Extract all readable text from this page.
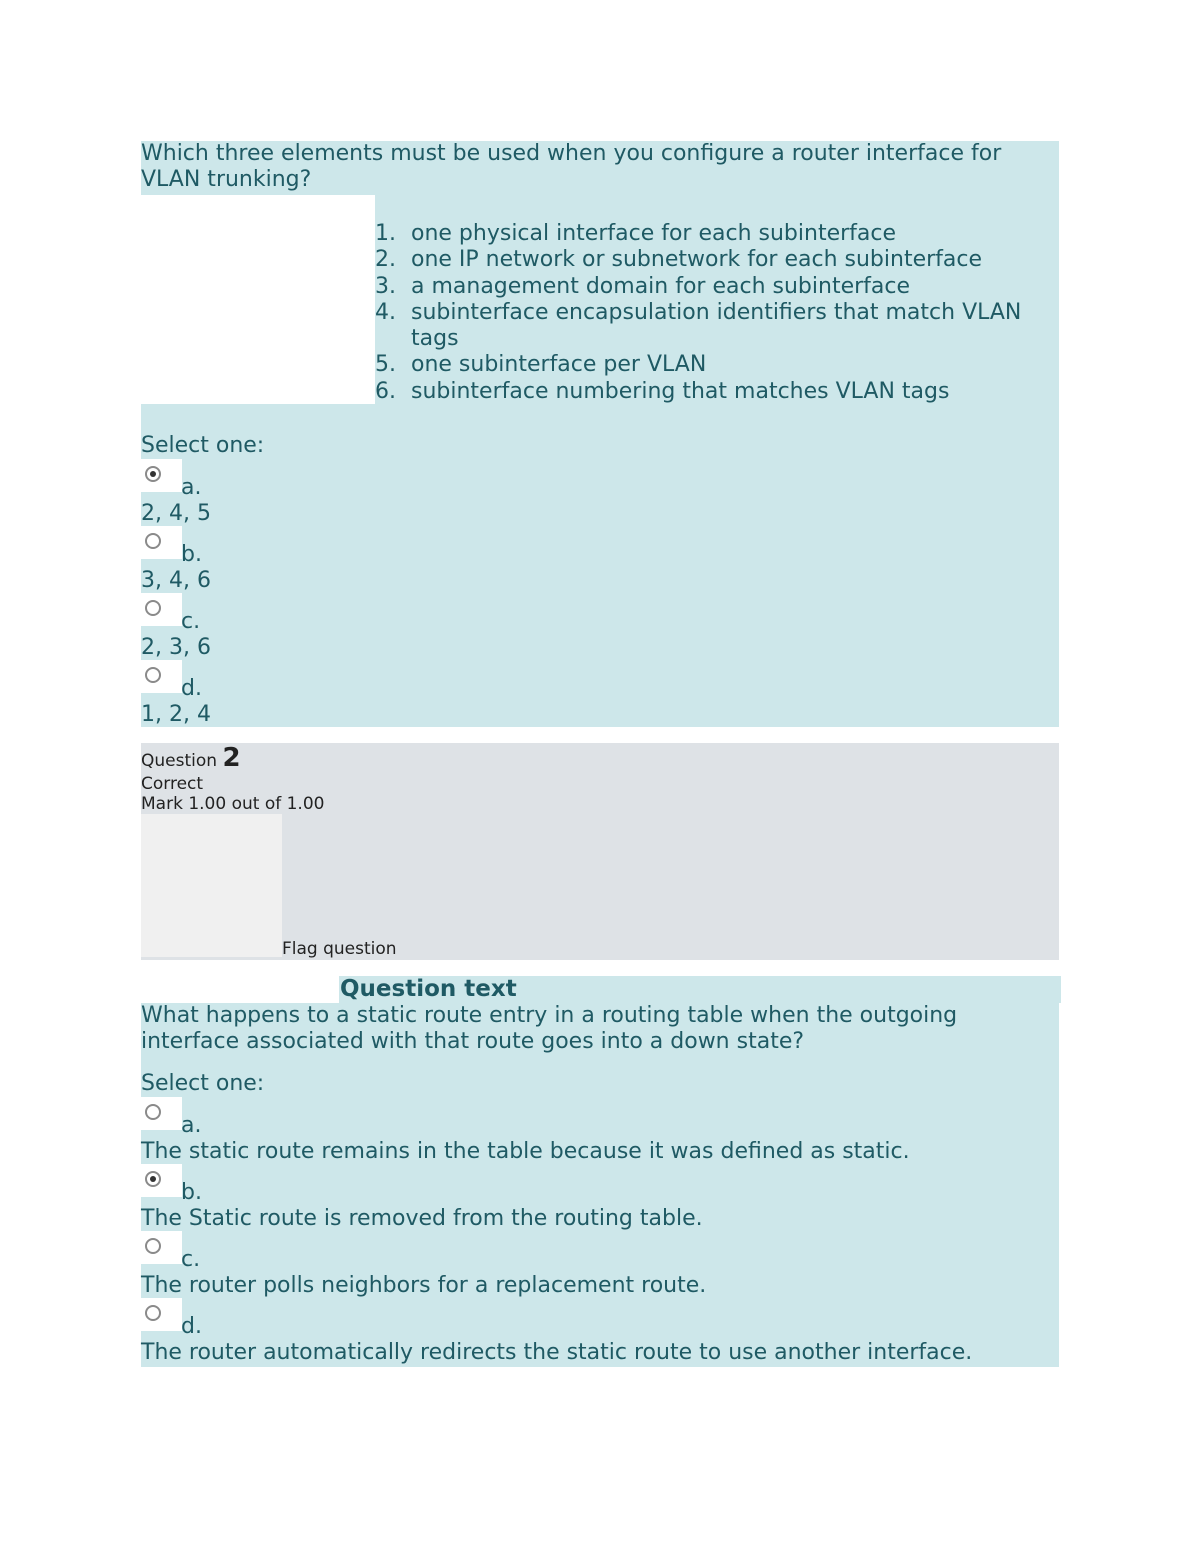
Which three elements must be used when you configure a router interface for VLAN trunking?
1. one physical interface for each subinterface
2. one IP network or subnetwork for each subinterface
3. a management domain for each subinterface
4. subinterface encapsulation identifiers that match VLAN tags
5. one subinterface per VLAN
6. subinterface numbering that matches VLAN tags
Select one:
a.
2, 4, 5
b.
3, 4, 6
c.
2, 3, 6
d.
1, 2, 4
Question 2
Correct
Mark 1.00 out of 1.00
Flag question
Question text
What happens to a static route entry in a routing table when the outgoing interface associated with that route goes into a down state?
Select one:
a.
The static route remains in the table because it was defined as static.
b.
The Static route is removed from the routing table.
c.
The router polls neighbors for a replacement route.
d.
The router automatically redirects the static route to use another interface.
